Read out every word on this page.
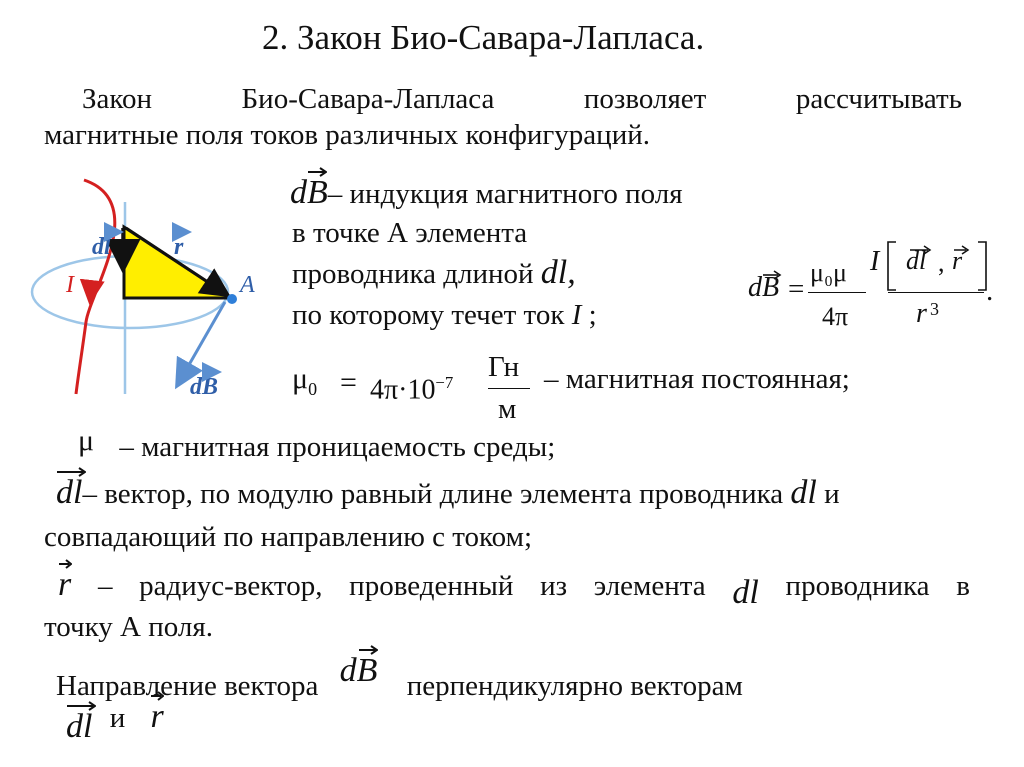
2. Закон Био-Савара-Лапласа.
Закон	Био-Савара-Лапласа	позволяет	рассчитывать
магнитные поля токов различных конфигураций.
dl	r
I	A
dB
dB
– индукция магнитного поля
в точке А элемента
проводника длиной dl,
по которому течет ток I ;
dB =
μ₀μ
4π
I dl , r
r 3
.
$\mu_0 = 4\pi\cdot 10^{-7}$ Гн
м
– магнитная постоянная;
μ – магнитная проницаемость среды;
dl
– вектор, по модулю равный длине элемента проводника dl и
совпадающий по направлению с током;
r – радиус-вектор, проведенный из элемента dl проводника в
точку А поля.
Направление вектора dB перпендикулярно векторам
dl и r
